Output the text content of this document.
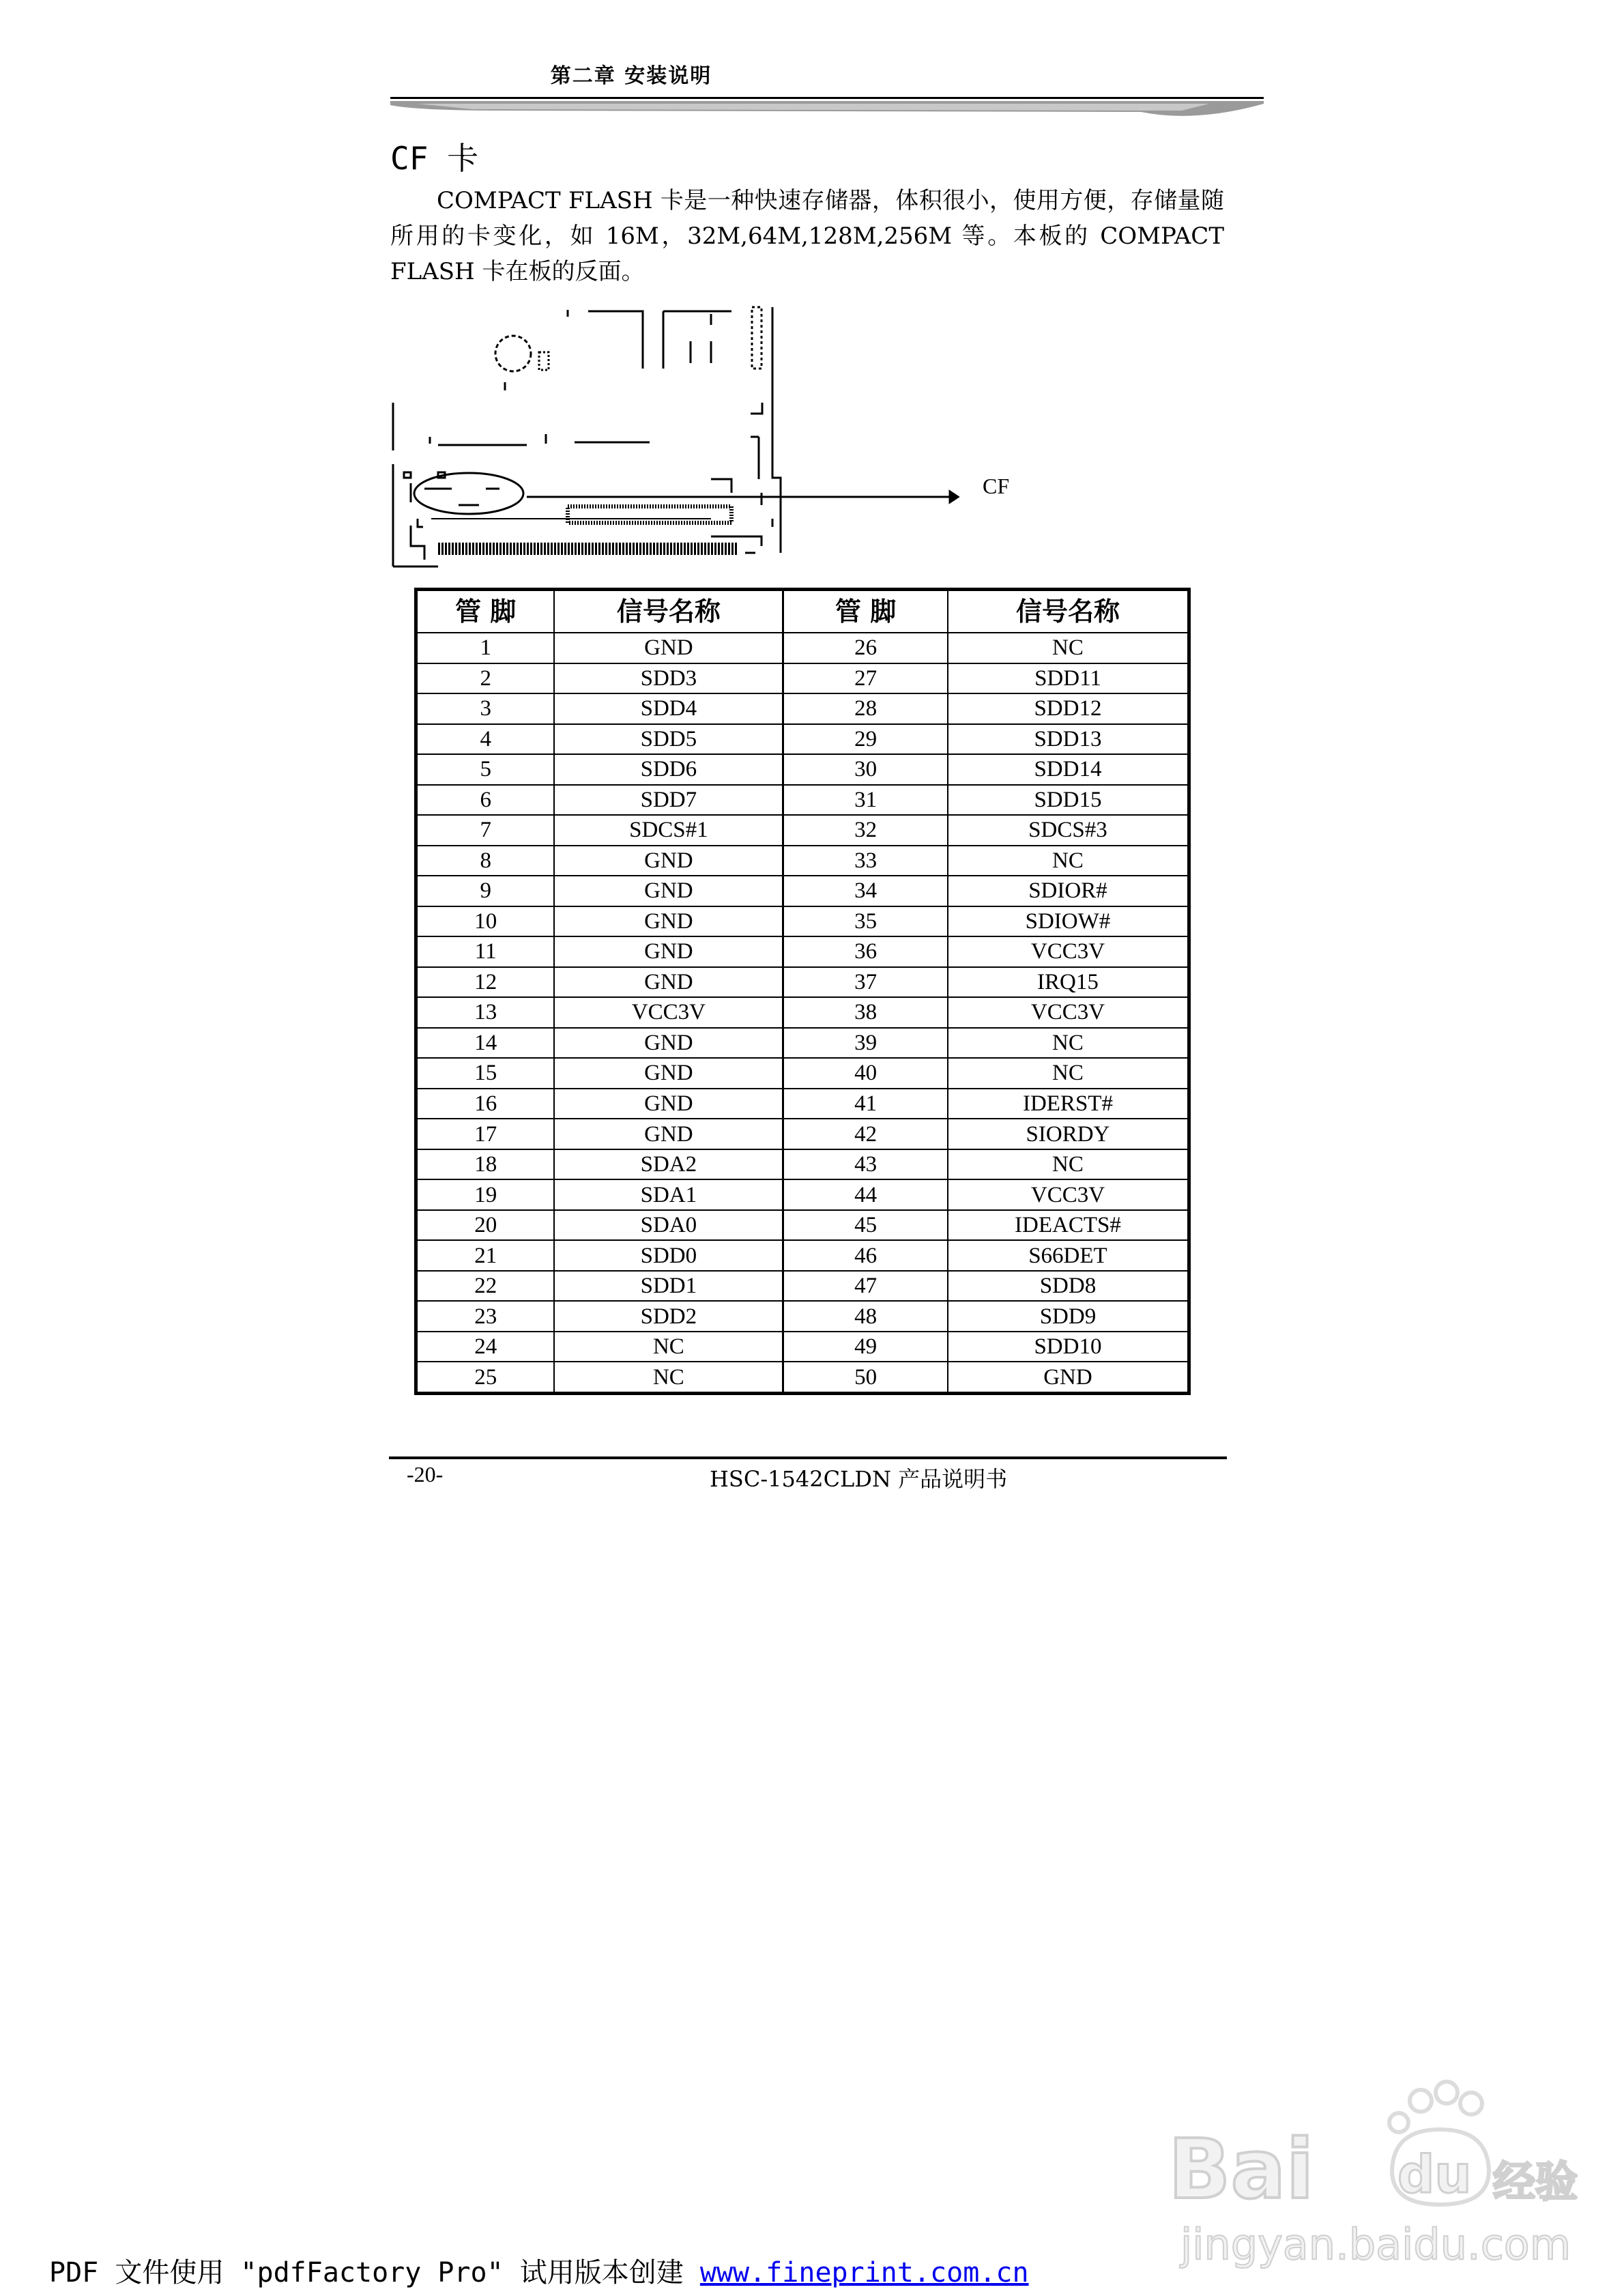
第二章 安装说明
CF 卡
COMPACT FLASH 卡是一种快速存储器，体积很小，使用方便，存储量随所用的卡变化，如 16M，32M,64M,128M,256M 等。本板的 COMPACT FLASH 卡在板的反面。
CF
管 脚	信号名称	管 脚	信号名称
1	GND	26	NC
2	SDD3	27	SDD11
3	SDD4	28	SDD12
4	SDD5	29	SDD13
5	SDD6	30	SDD14
6	SDD7	31	SDD15
7	SDCS#1	32	SDCS#3
8	GND	33	NC
9	GND	34	SDIOR#
10	GND	35	SDIOW#
11	GND	36	VCC3V
12	GND	37	IRQ15
13	VCC3V	38	VCC3V
14	GND	39	NC
15	GND	40	NC
16	GND	41	IDERST#
17	GND	42	SIORDY
18	SDA2	43	NC
19	SDA1	44	VCC3V
20	SDA0	45	IDEACTS#
21	SDD0	46	S66DET
22	SDD1	47	SDD8
23	SDD2	48	SDD9
24	NC	49	SDD10
25	NC	50	GND
-20-	HSC-1542CLDN 产品说明书
Bai du 经验
jingyan.baidu.com
PDF 文件使用 "pdfFactory Pro" 试用版本创建 www.fineprint.com.cn
